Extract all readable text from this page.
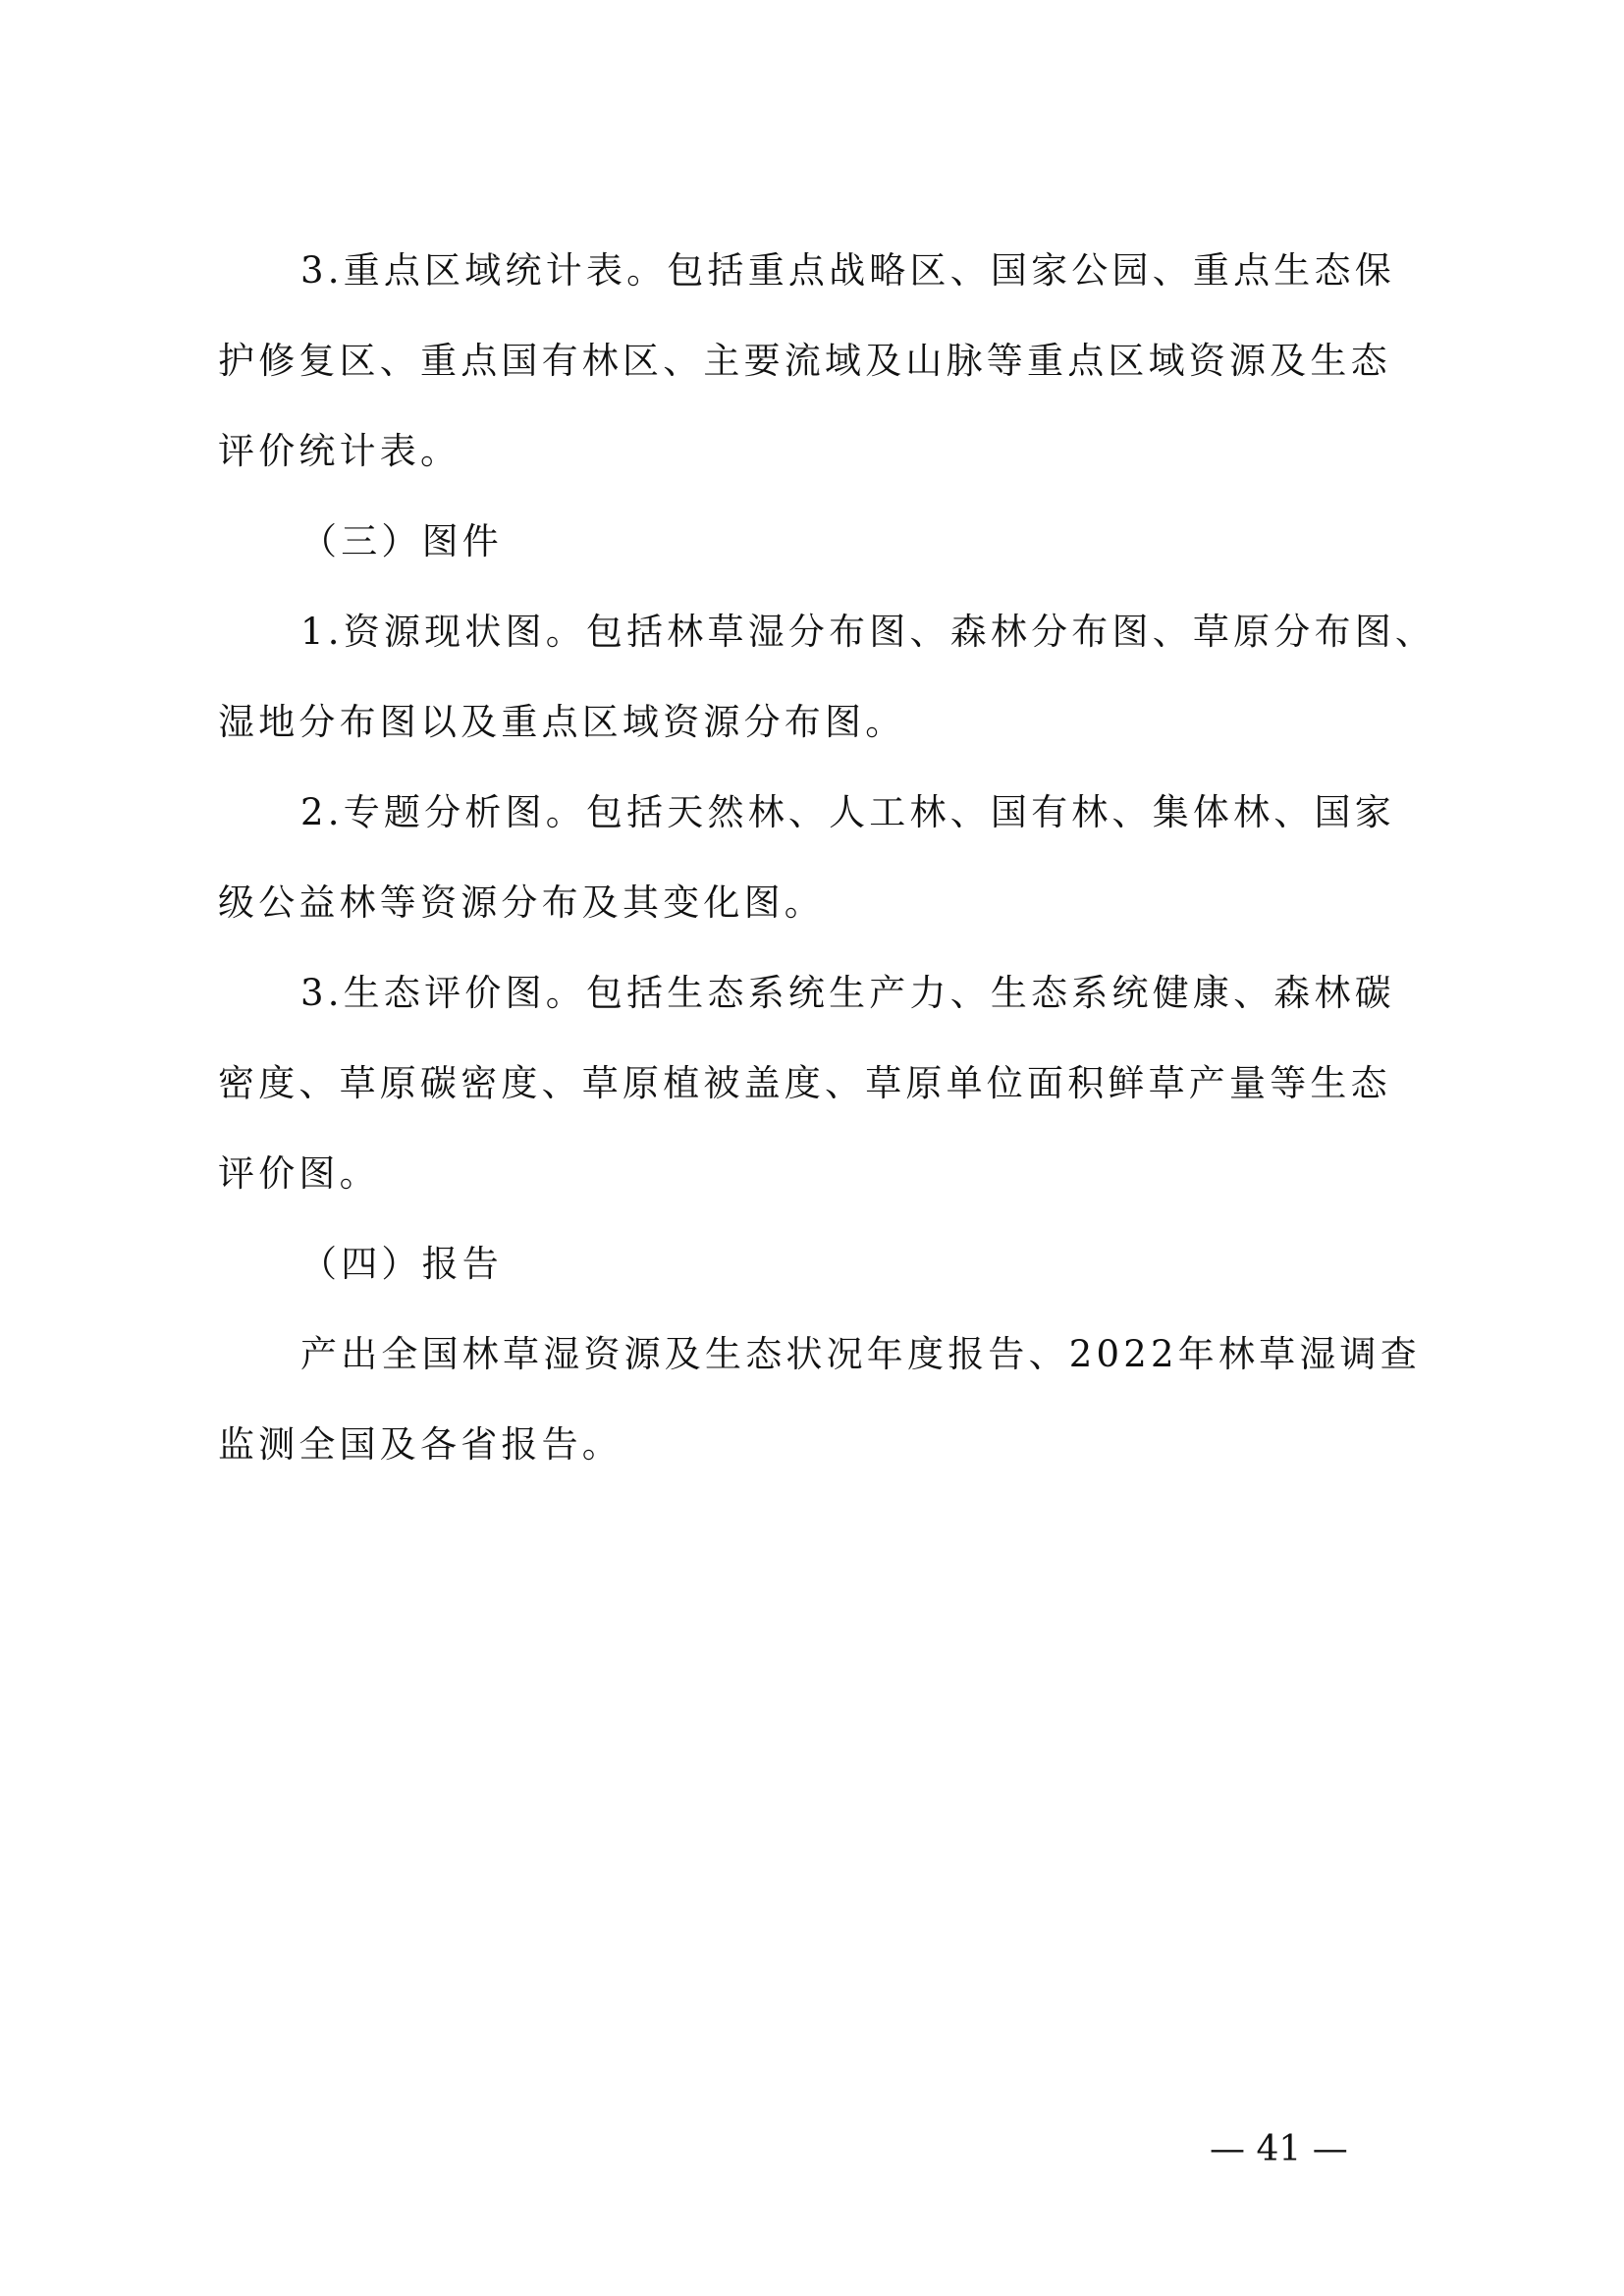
3.重点区域统计表。包括重点战略区、国家公园、重点生态保
护修复区、重点国有林区、主要流域及山脉等重点区域资源及生态
评价统计表。
（三）图件
1.资源现状图。包括林草湿分布图、森林分布图、草原分布图、
湿地分布图以及重点区域资源分布图。
2.专题分析图。包括天然林、人工林、国有林、集体林、国家
级公益林等资源分布及其变化图。
3.生态评价图。包括生态系统生产力、生态系统健康、森林碳
密度、草原碳密度、草原植被盖度、草原单位面积鲜草产量等生态
评价图。
（四）报告
产出全国林草湿资源及生态状况年度报告、2022年林草湿调查
监测全国及各省报告。
— 41 —
